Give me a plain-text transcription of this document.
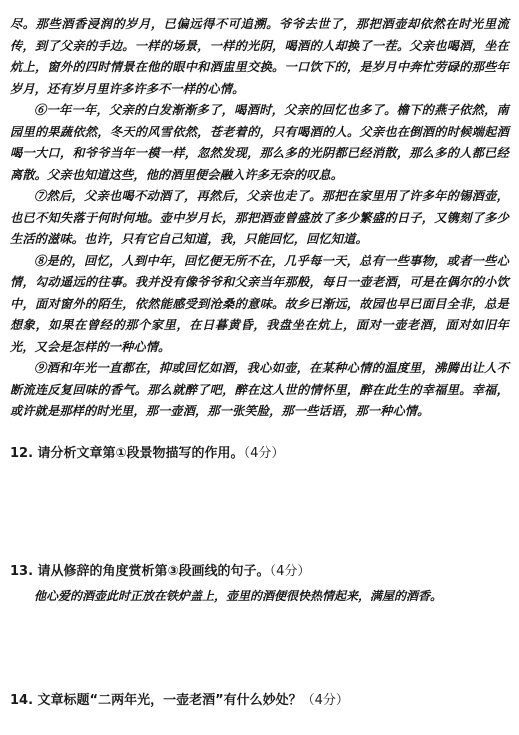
尽。那些酒香浸润的岁月，已偏远得不可追溯。爷爷去世了，那把酒壶却依然在时光里流传，到了父亲的手边。一样的场景，一样的光阴，喝酒的人却换了一茬。父亲也喝酒，坐在炕上，窗外的四时情景在他的眼中和酒盅里交换。一口饮下的，是岁月中奔忙劳碌的那些年岁月，还有岁月里许多许多不一样的心情。

⑥一年一年，父亲的白发渐渐多了，喝酒时，父亲的回忆也多了。檐下的燕子依然，南园里的果蔬依然，冬天的风雪依然，苍老着的，只有喝酒的人。父亲也在倒酒的时候端起酒喝一大口，和爷爷当年一模一样，忽然发现，那么多的光阴都已经消散，那么多的人都已经离散。父亲也知道这些，他的酒里便会融入许多无奈的叹息。

⑦然后，父亲也喝不动酒了，再然后，父亲也走了。那把在家里用了许多年的锡酒壶，也已不知失落于何时何地。壶中岁月长，那把酒壶曾盛放了多少繁盛的日子，又镌刻了多少生活的滋味。也许，只有它自己知道，我，只能回忆，回忆知道。

⑧是的，回忆，人到中年，回忆便无所不在，几乎每一天，总有一些事物，或者一些心情，勾动遥远的往事。我并没有像爷爷和父亲当年那般，每日一壶老酒，可是在偶尔的小饮中，面对窗外的陌生，依然能感受到沧桑的意味。故乡已渐远，故园也早已面目全非，总是想象，如果在曾经的那个家里，在日暮黄昏，我盘坐在炕上，面对一壶老酒，面对如旧年光，又会是怎样的一种心情。

⑨酒和年光一直都在，抑或回忆如酒，我心如壶，在某种心情的温度里，沸腾出让人不断流连反复回味的香气。那么就醉了吧，醉在这人世的情怀里，醉在此生的幸福里。幸福，或许就是那样的时光里，那一壶酒，那一张笑脸，那一些话语，那一种心情。

12. 请分析文章第①段景物描写的作用。（4分）
13. 请从修辞的角度赏析第③段画线的句子。（4分）
他心爱的酒壶此时正放在铁炉盖上，壶里的酒便很快热情起来，满屋的酒香。
14. 文章标题“二两年光，一壶老酒”有什么妙处？（4分）
